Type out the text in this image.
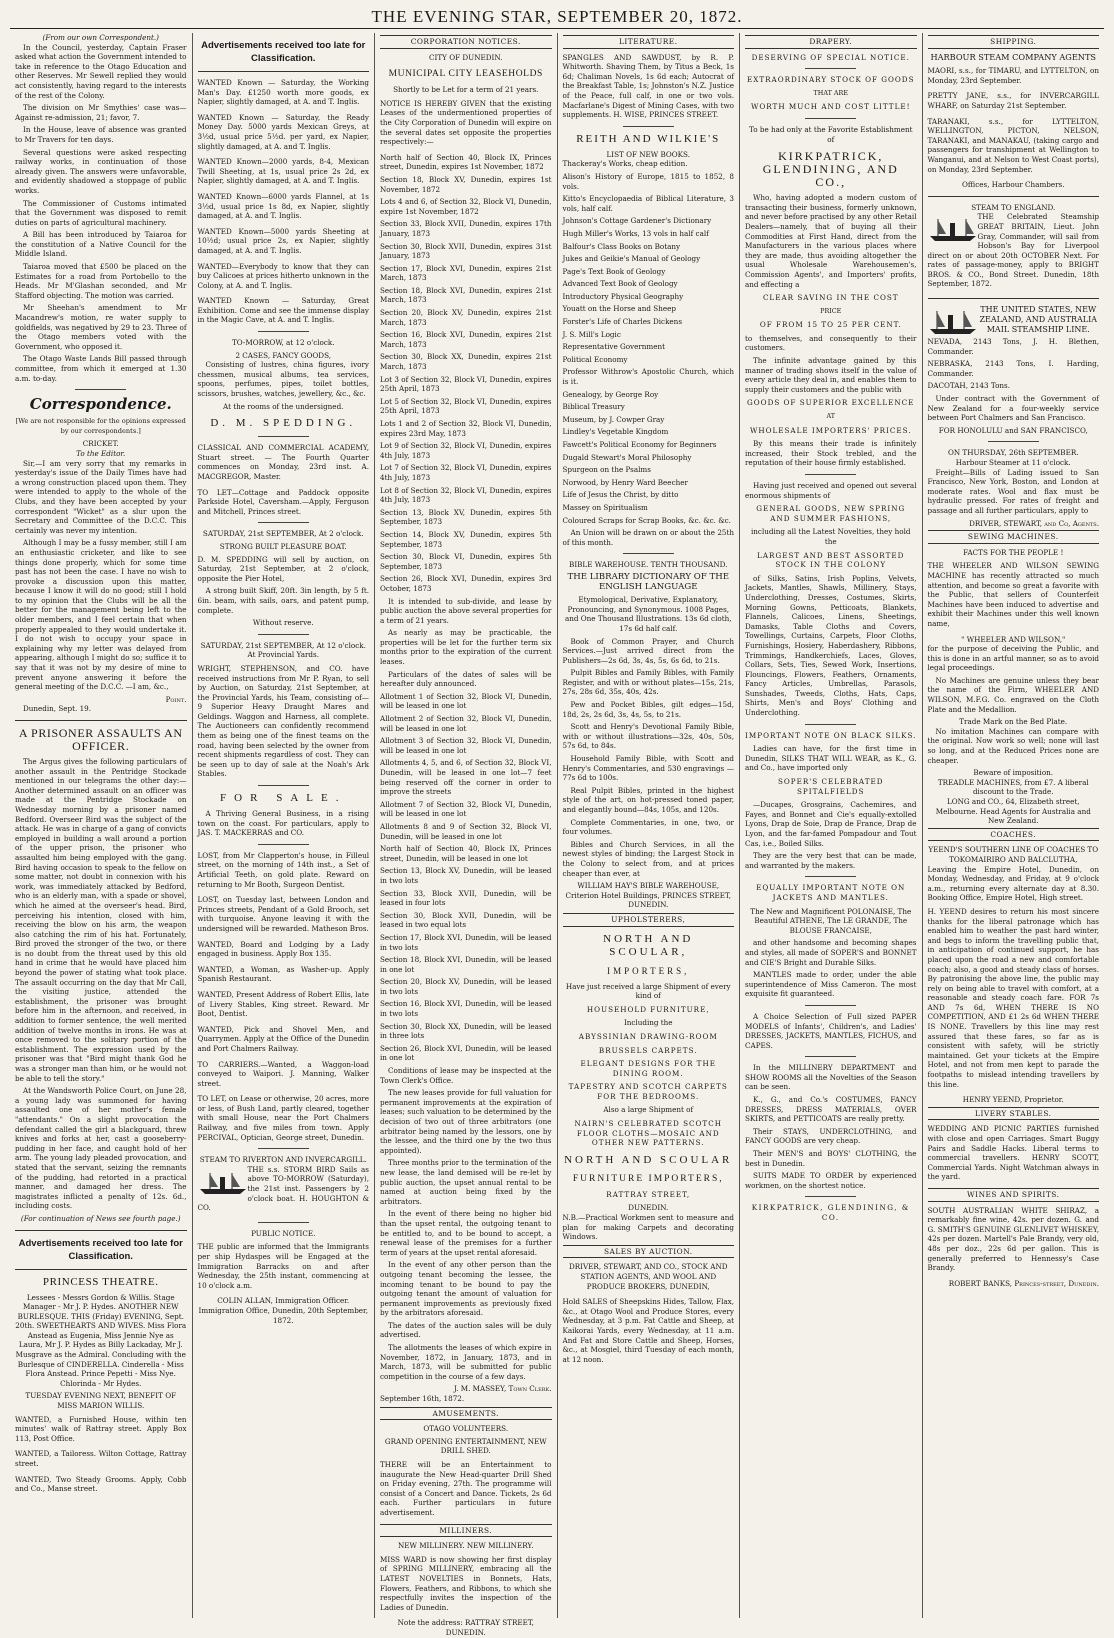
THE EVENING STAR, SEPTEMBER 20, 1872.
(From our own Correspondent.)

In the Council, yesterday, Captain Fraser asked what action the Government intended to take in reference to the Otago Education and other Reserves. Mr Sewell replied they would act consistently, having regard to the interests of the rest of the Colony.

The division on Mr Smythies' case was—Against re-admission, 21; favor, 7.

In the House, leave of absence was granted to Mr Travers for ten days.

Several questions were asked respecting railway works, in continuation of those already given. The answers were unfavorable, and evidently shadowed a stoppage of public works.

The Commissioner of Customs intimated that the Government was disposed to remit duties on parts of agricultural machinery.

A Bill has been introduced by Taiaroa for the constitution of a Native Council for the Middle Island.

Taiaroa moved that £500 be placed on the Estimates for a road from Portobello to the Heads. Mr M'Glashan seconded, and Mr Stafford objecting. The motion was carried.

Mr Sheehan's amendment to Mr Macandrew's motion, re water supply to goldfields, was negatived by 29 to 23. Three of the Otago members voted with the Government, who opposed it.

The Otago Waste Lands Bill passed through committee, from which it emerged at 1.30 a.m. to-day.

Correspondence.

[We are not responsible for the opinions expressed by our correspondents.]

CRICKET.
To the Editor.

Sir,—I am very sorry that my remarks in yesterday's issue of the Daily Times have had a wrong construction placed upon them. They were intended to apply to the whole of the Clubs, and they have been accepted by your correspondent "Wicket" as a slur upon the Secretary and Committee of the D.C.C. This certainly was never my intention.

Although I may be a fussy member, still I am an enthusiastic cricketer, and like to see things done properly, which for some time past has not been the case. I have no wish to provoke a discussion upon this matter, because I know it will do no good; still I hold to my opinion that the Clubs will be all the better for the management being left to the older members, and I feel certain that when properly appealed to they would undertake it. I do not wish to occupy your space in explaining why my letter was delayed from appearing, although I might do so; suffice it to say that it was not by my desire of mine to prevent anyone answering it before the general meeting of the D.C.C. —I am, &c.,

Point.

Dunedin, Sept. 19.

A PRISONER ASSAULTS AN OFFICER.

The Argus gives the following particulars of another assault in the Pentridge Stockade mentioned in our telegrams the other day:— Another determined assault on an officer was made at the Pentridge Stockade on Wednesday morning by a prisoner named Bedford. Overseer Bird was the subject of the attack. He was in charge of a gang of convicts employed in building a wall around a portion of the upper prison, the prisoner who assaulted him being employed with the gang. Bird having occasion to speak to the fellow on some matter, not doubt in connexion with his work, was immediately attacked by Bedford, who is an elderly man, with a spade or shovel, which he aimed at the overseer's head. Bird, perceiving his intention, closed with him, receiving the blow on his arm, the weapon also catching the rim of his hat. Fortunately, Bird proved the stronger of the two, or there is no doubt from the threat used by this old hand in crime that he would have placed him beyond the power of stating what took place. The assault occurring on the day that Mr Call, the visiting justice, attended the establishment, the prisoner was brought before him in the afternoon, and received, in addition to former sentence, the well merited addition of twelve months in irons. He was at once removed to the solitary portion of the establishment. The expression used by the prisoner was that "Bird might thank God he was a stronger man than him, or he would not be able to tell the story."

At the Wandsworth Police Court, on June 28, a young lady was summoned for having assaulted one of her mother's female "attendants." On a slight provocation the defendant called the girl a blackguard, threw knives and forks at her, cast a gooseberry-pudding in her face, and caught hold of her arm. The young lady pleaded provocation, and stated that the servant, seizing the remnants of the pudding, had retorted in a practical manner, and damaged her dress. The magistrates inflicted a penalty of 12s. 6d., including costs.

(For continuation of News see fourth page.)
Advertisements received too late for Classification.
PRINCESS THEATRE.

Lessees - Messrs Gordon & Willis. Stage Manager - Mr J. P. Hydes. ANOTHER NEW BURLESQUE. THIS (Friday) EVENING, Sept. 20th. SWEETHEARTS AND WIVES. Miss Flora Anstead as Eugenia, Miss Jennie Nye as Laura, Mr J. P. Hydes as Billy Lackaday, Mr J. Musgrave as the Admiral. Concluding with the Burlesque of CINDERELLA. Cinderella - Miss Flora Anstead. Prince Pepetti - Miss Nye. Chlorinda - Mr Hydes.

TUESDAY EVENING NEXT, BENEFIT OF MISS MARION WILLIS.

WANTED, a Furnished House, within ten minutes' walk of Rattray street. Apply Box 113, Post Office.

WANTED, a Tailoress. Wilton Cottage, Rattray street.

WANTED, Two Steady Grooms. Apply, Cobb and Co., Manse street.

Advertisements received too late for Classification.

WANTED Known — Saturday, the Working Man's Day. £1250 worth more goods, ex Napier, slightly damaged, at A. and T. Inglis.

WANTED Known — Saturday, the Ready Money Day. 5000 yards Mexican Greys, at 3½d, usual price 5½d. per yard, ex Napier, slightly damaged, at A. and T. Inglis.

WANTED Known—2000 yards, 8-4, Mexican Twill Sheeting, at 1s, usual price 2s 2d, ex Napier, slightly damaged, at A. and T. Inglis.

WANTED Known—6000 yards Flannel, at 1s 3½d, usual price 1s 8d, ex Napier, slightly damaged, at A. and T. Inglis.

WANTED Known—5000 yards Sheeting at 10½d; usual price 2s, ex Napier, slightly damaged, at A. and T. Inglis.

WANTED—Everybody to know that they can buy Calicoes at prices hitherto unknown in the Colony, at A. and T. Inglis.

WANTED Known — Saturday, Great Exhibition. Come and see the immense display in the Magic Cave, at A. and T. Inglis.

TO-MORROW, at 12 o'clock.
2 CASES, FANCY GOODS,

Consisting of lustres, china figures, ivory chessmen, musical albums, tea services, spoons, perfumes, pipes, toilet bottles, scissors, brushes, watches, jewellery, &c., &c.

At the rooms of the undersigned.
D. M. SPEDDING.

CLASSICAL AND COMMERCIAL ACADEMY, Stuart street. — The Fourth Quarter commences on Monday, 23rd inst. A. MACGREGOR, Master.

TO LET—Cottage and Paddock opposite Parkside Hotel, Caversham.—Apply, Ferguson and Mitchell, Princes street.

SATURDAY, 21st SEPTEMBER, At 2 o'clock.
STRONG BUILT PLEASURE BOAT.

D. M. SPEDDING will sell by auction, on Saturday, 21st September, at 2 o'clock, opposite the Pier Hotel,

A strong built Skiff, 20ft. 3in length, by 5 ft. 6in. beam, with sails, oars, and patent pump, complete.

Without reserve.
SATURDAY, 21st SEPTEMBER, At 12 o'clock. At Provincial Yards.

WRIGHT, STEPHENSON, and CO. have received instructions from Mr P. Ryan, to sell by Auction, on Saturday, 21st September, at the Provincial Yards, his Team, consisting of— 9 Superior Heavy Draught Mares and Geldings. Waggon and Harness, all complete. The Auctioneers can confidently recommend them as being one of the finest teams on the road, having been selected by the owner from recent shipments regardless of cost. They can be seen up to day of sale at the Noah's Ark Stables.

FOR SALE.

A Thriving General Business, in a rising town on the coast. For particulars, apply to JAS. T. MACKERRAS and CO.

LOST, from Mr Clapperton's house, in Filleul street, on the morning of 14th inst., a Set of Artificial Teeth, on gold plate. Reward on returning to Mr Booth, Surgeon Dentist.

LOST, on Tuesday last, between London and Princes streets, Pendant of a Gold Brooch, set with turquoise. Anyone leaving it with the undersigned will be rewarded. Matheson Bros.

WANTED, Board and Lodging by a Lady engaged in business. Apply Box 135.

WANTED, a Woman, as Washer-up. Apply Spanish Restaurant.

WANTED, Present Address of Robert Ellis, late of Livery Stables, King street. Reward. Mr Boot, Dentist.

WANTED, Pick and Shovel Men, and Quarrymen. Apply at the Office of the Dunedin and Port Chalmers Railway.

TO CARRIERS.—Wanted, a Waggon-load conveyed to Waipori. J. Manning, Walker street.

TO LET, on Lease or otherwise, 20 acres, more or less, of Bush Land, partly cleared, together with small House, near the Port Chalmers Railway, and five miles from town. Apply PERCIVAL, Optician, George street, Dunedin.

STEAM TO RIVERTON AND INVERCARGILL.

THE s.s. STORM BIRD Sails as above TO-MORROW (Saturday), the 21st inst. Passengers by 2 o'clock boat. H. HOUGHTON & CO.

PUBLIC NOTICE.

THE public are informed that the Immigrants per ship Hydaspes will be Engaged at the Immigration Barracks on and after Wednesday, the 25th instant, commencing at 10 o'clock a.m.

COLIN ALLAN, Immigration Officer. Immigration Office, Dunedin, 20th September, 1872.

CORPORATION NOTICES.
CITY OF DUNEDIN.
MUNICIPAL CITY LEASEHOLDS
Shortly to be Let for a term of 21 years.

NOTICE IS HEREBY GIVEN that the existing Leases of the undermentioned properties of the City Corporation of Dunedin will expire on the several dates set opposite the properties respectively:—

North half of Section 40, Block IX, Princes street, Dunedin, expires 1st November, 1872

Section 18, Block XV, Dunedin, expires 1st November, 1872

Lots 4 and 6, of Section 32, Block VI, Dunedin, expire 1st November, 1872

Section 33, Block XVII, Dunedin, expires 17th January, 1873

Section 30, Block XVII, Dunedin, expires 31st January, 1873

Section 17, Block XVI, Dunedin, expires 21st March, 1873

Section 18, Block XVI, Dunedin, expires 21st March, 1873

Section 20, Block XV, Dunedin, expires 21st March, 1873

Section 16, Block XVI, Dunedin, expires 21st March, 1873

Section 30, Block XX, Dunedin, expires 21st March, 1873

Lot 3 of Section 32, Block VI, Dunedin, expires 25th April, 1873

Lot 5 of Section 32, Block VI, Dunedin, expires 25th April, 1873

Lots 1 and 2 of Section 32, Block VI, Dunedin, expires 23rd May, 1873

Lot 9 of Section 32, Block VI, Dunedin, expires 4th July, 1873

Lot 7 of Section 32, Block VI, Dunedin, expires 4th July, 1873

Lot 8 of Section 32, Block VI, Dunedin, expires 4th July, 1873

Section 13, Block XV, Dunedin, expires 5th September, 1873

Section 14, Block XV, Dunedin, expires 5th September, 1873

Section 30, Block VI, Dunedin, expires 5th September, 1873

Section 26, Block XVI, Dunedin, expires 3rd October, 1873

It is intended to sub-divide, and lease by public auction the above several properties for a term of 21 years.

As nearly as may be practicable, the properties will be let for the further term six months prior to the expiration of the current leases.

Particulars of the dates of sales will be hereafter duly announced.

Allotment 1 of Section 32, Block VI, Dunedin, will be leased in one lot

Allotment 2 of Section 32, Block VI, Dunedin, will be leased in one lot

Allotment 3 of Section 32, Block VI, Dunedin, will be leased in one lot

Allotments 4, 5, and 6, of Section 32, Block VI, Dunedin, will be leased in one lot—7 feet being reserved off the corner in order to improve the streets

Allotment 7 of Section 32, Block VI, Dunedin, will be leased in one lot

Allotments 8 and 9 of Section 32, Block VI, Dunedin, will be leased in one lot

North half of Section 40, Block IX, Princes street, Dunedin, will be leased in one lot

Section 13, Block XV, Dunedin, will be leased in two lots

Section 33, Block XVII, Dunedin, will be leased in four lots

Section 30, Block XVII, Dunedin, will be leased in two equal lots

Section 17, Block XVI, Dunedin, will be leased in two lots

Section 18, Block XVI, Dunedin, will be leased in one lot

Section 20, Block XV, Dunedin, will be leased in two lots

Section 16, Block XVI, Dunedin, will be leased in two lots

Section 30, Block XX, Dunedin, will be leased in three lots

Section 26, Block XVI, Dunedin, will be leased in one lot

Conditions of lease may be inspected at the Town Clerk's Office.

The new leases provide for full valuation for permanent improvements at the expiration of leases; such valuation to be determined by the decision of two out of three arbitrators (one arbitrator being named by the lessors, one by the lessee, and the third one by the two thus appointed).

Three months prior to the termination of the new lease, the land demised will be re-let by public auction, the upset annual rental to be named at auction being fixed by the arbitrators.

In the event of there being no higher bid than the upset rental, the outgoing tenant to be entitled to, and to be bound to accept, a renewal lease of the premises for a further term of years at the upset rental aforesaid.

In the event of any other person than the outgoing tenant becoming the lessee, the incoming tenant to be bound to pay the outgoing tenant the amount of valuation for permanent improvements as previously fixed by the arbitrators aforesaid.

The dates of the auction sales will be duly advertised.

The allotments the leases of which expire in November, 1872, in January, 1873, and in March, 1873, will be submitted for public competition in the course of a few days.

J. M. MASSEY, Town Clerk.

September 16th, 1872.

AMUSEMENTS.
OTAGO VOLUNTEERS.
GRAND OPENING ENTERTAINMENT, NEW DRILL SHED.

THERE will be an Entertainment to inaugurate the New Head-quarter Drill Shed on Friday evening, 27th. The programme will consist of a Concert and Dance. Tickets, 2s 6d each. Further particulars in future advertisement.

MILLINERS.
NEW MILLINERY. NEW MILLINERY.

MISS WARD is now showing her first display of SPRING MILLINERY, embracing all the LATEST NOVELTIES in Bonnets, Hats, Flowers, Feathers, and Ribbons, to which she respectfully invites the inspection of the Ladies of Dunedin.

Note the address: RATTRAY STREET, DUNEDIN.
LITERATURE.

SPANGLES AND SAWDUST, by R. P. Whitworth. Shaving Them, by Titus a Beck, 1s 6d; Chaliman Novels, 1s 6d each; Autocrat of the Breakfast Table, 1s; Johnston's N.Z. Justice of the Peace, full calf, in one or two vols. Macfarlane's Digest of Mining Cases, with two supplements. H. WISE, PRINCES STREET.

REITH AND WILKIE'S
LIST OF NEW BOOKS.

Thackeray's Works, cheap edition.

Alison's History of Europe, 1815 to 1852, 8 vols.

Kitto's Encyclopaedia of Biblical Literature, 3 vols, half calf.

Johnson's Cottage Gardener's Dictionary

Hugh Miller's Works, 13 vols in half calf

Balfour's Class Books on Botany

Jukes and Geikie's Manual of Geology

Page's Text Book of Geology

Advanced Text Book of Geology

Introductory Physical Geography

Youatt on the Horse and Sheep

Forster's Life of Charles Dickens

J. S. Mill's Logic

Representative Government

Political Economy

Professor Withrow's Apostolic Church, which is it.

Genealogy, by George Roy

Biblical Treasury

Museum, by J. Cowper Gray

Lindley's Vegetable Kingdom

Fawcett's Political Economy for Beginners

Dugald Stewart's Moral Philosophy

Spurgeon on the Psalms

Norwood, by Henry Ward Beecher

Life of Jesus the Christ, by ditto

Massey on Spiritualism

Coloured Scraps for Scrap Books, &c. &c. &c.

An Union will be drawn on or about the 25th of this month.

BIBLE WAREHOUSE. TENTH THOUSAND.
THE LIBRARY DICTIONARY OF THE ENGLISH LANGUAGE

Etymological, Derivative, Explanatory, Pronouncing, and Synonymous. 1008 Pages, and One Thousand Illustrations. 13s 6d cloth, 17s 6d half calf.

Book of Common Prayer, and Church Services.—Just arrived direct from the Publishers—2s 6d, 3s, 4s, 5s, 6s 6d, to 21s.

Pulpit Bibles and Family Bibles, with Family Register, and with or without plates—15s, 21s, 27s, 28s 6d, 35s, 40s, 42s.

Pew and Pocket Bibles, gilt edges—15d, 18d, 2s, 2s 6d, 3s, 4s, 5s, to 21s.

Scott and Henry's Devotional Family Bible, with or without illustrations—32s, 40s, 50s, 57s 6d, to 84s.

Household Family Bible, with Scott and Henry's Commentaries, and 530 engravings —77s 6d to 100s.

Real Pulpit Bibles, printed in the highest style of the art, on hot-pressed toned paper, and elegantly bound—84s, 105s, and 120s.

Complete Commentaries, in one, two, or four volumes.

Bibles and Church Services, in all the newest styles of binding; the Largest Stock in the Colony to select from, and at prices cheaper than ever, at

WILLIAM HAY'S BIBLE WAREHOUSE, Criterion Hotel Buildings, PRINCES STREET, DUNEDIN.

UPHOLSTERERS,
NORTH AND SCOULAR,
IMPORTERS,

Have just received a large Shipment of every kind of

HOUSEHOLD FURNITURE,
Including the
ABYSSINIAN DRAWING-ROOM
BRUSSELS CARPETS.
ELEGANT DESIGNS FOR THE DINING ROOM.
TAPESTRY AND SCOTCH CARPETS FOR THE BEDROOMS.
Also a large Shipment of
NAIRN'S CELEBRATED SCOTCH FLOOR CLOTHS—MOSAIC AND OTHER NEW PATTERNS.
NORTH AND SCOULAR
FURNITURE IMPORTERS,
RATTRAY STREET,
DUNEDIN.

N.B.—Practical Workmen sent to measure and plan for making Carpets and decorating Windows.

SALES BY AUCTION.

DRIVER, STEWART, AND CO., STOCK AND STATION AGENTS, AND WOOL AND PRODUCE BROKERS, DUNEDIN,

Hold SALES of Sheepskins Hides, Tallow, Flax, &c., at Otago Wool and Produce Stores, every Wednesday, at 3 p.m. Fat Cattle and Sheep, at Kaikorai Yards, every Wednesday, at 11 a.m. And Fat and Store Cattle and Sheep, Horses, &c., at Mosgiel, third Tuesday of each month, at 12 noon.

DRAPERY.
DESERVING OF SPECIAL NOTICE.
EXTRAORDINARY STOCK OF GOODS
THAT ARE
WORTH MUCH AND COST LITTLE!

To be had only at the Favorite Establishment of

KIRKPATRICK, GLENDINING, AND CO.,

Who, having adopted a modern custom of transacting their business, formerly unknown, and never before practised by any other Retail Dealers—namely, that of buying all their Commodities at First Hand, direct from the Manufacturers in the various places where they are made, thus avoiding altogether the usual Wholesale Warehousemen's, Commission Agents', and Importers' profits, and effecting a

CLEAR SAVING IN THE COST
PRICE
OF FROM 15 TO 25 PER CENT.

to themselves, and consequently to their customers.

The infinite advantage gained by this manner of trading shows itself in the value of every article they deal in, and enables them to supply their customers and the public with

GOODS OF SUPERIOR EXCELLENCE
AT
WHOLESALE IMPORTERS' PRICES.

By this means their trade is infinitely increased, their Stock trebled, and the reputation of their house firmly established.

Having just received and opened out several enormous shipments of

GENERAL GOODS, NEW SPRING AND SUMMER FASHIONS,

including all the Latest Novelties, they hold the

LARGEST AND BEST ASSORTED STOCK IN THE COLONY

of Silks, Satins, Irish Poplins, Velvets, Jackets, Mantles, Shawls, Millinery, Stays, Underclothing, Dresses, Costumes, Skirts, Morning Gowns, Petticoats, Blankets, Flannels, Calicoes, Linens, Sheetings, Damasks, Table Cloths and Covers, Towellings, Curtains, Carpets, Floor Cloths, Furnishings, Hosiery, Haberdashery, Ribbons, Trimmings, Handkerchiefs, Laces, Gloves, Collars, Sets, Ties, Sewed Work, Insertions, Flouncings, Flowers, Feathers, Ornaments, Fancy Articles, Umbrellas, Parasols, Sunshades, Tweeds, Cloths, Hats, Caps, Shirts, Men's and Boys' Clothing and Underclothing.

IMPORTANT NOTE ON BLACK SILKS.

Ladies can have, for the first time in Dunedin, SILKS THAT WILL WEAR, as K., G. and Co., have imported only

SOPER'S CELEBRATED SPITALFIELDS

—Ducapes, Grosgrains, Cachemires, and Fayes, and Bonnet and Cie's equally-extolled Lyons, Drap de Soie, Drap de France, Drap de Lyon, and the far-famed Pompadour and Tout Cas, i.e., Boiled Silks.

They are the very best that can be made, and warranted by the makers.

EQUALLY IMPORTANT NOTE ON JACKETS AND MANTLES.

The New and Magnificent POLONAISE, The Beautiful ATHENE, The LE GRANDE, The BLOUSE FRANCAISE,

and other handsome and becoming shapes and styles, all made of SOPER'S and BONNET and CIE'S Bright and Durable Silks.

MANTLES made to order, under the able superintendence of Miss Cameron. The most exquisite fit guaranteed.

A Choice Selection of Full sized PAPER MODELS of Infants', Children's, and Ladies' DRESSES, JACKETS, MANTLES, FICHUS, and CAPES.

In the MILLINERY DEPARTMENT and SHOW ROOMS all the Novelties of the Season can be seen.

K., G., and Co.'s COSTUMES, FANCY DRESSES, DRESS MATERIALS, OVER SKIRTS, and PETTICOATS are really pretty.

Their STAYS, UNDERCLOTHING, and FANCY GOODS are very cheap.

Their MEN'S and BOYS' CLOTHING, the best in Dunedin.

SUITS MADE TO ORDER by experienced workmen, on the shortest notice.

KIRKPATRICK, GLENDINING, & CO.
SHIPPING.
HARBOUR STEAM COMPANY AGENTS

MAORI, s.s., for TIMARU, and LYTTELTON, on Monday, 23rd September.

PRETTY JANE, s.s., for INVERCARGILL WHARF, on Saturday 21st September.

TARANAKI, s.s., for LYTTELTON, WELLINGTON, PICTON, NELSON, TARANAKI, and MANAKAU, (taking cargo and passengers for transhipment at Wellington to Wanganui, and at Nelson to West Coast ports), on Monday, 23rd September.

Offices, Harbour Chambers.
STEAM TO ENGLAND.

THE Celebrated Steamship GREAT BRITAIN, Lieut. John Gray, Commander, will sail from Hobson's Bay for Liverpool direct on or about 20th OCTOBER Next. For rates of passage-money, apply to BRIGHT BROS. & CO., Bond Street. Dunedin, 18th September, 1872.

THE UNITED STATES, NEW ZEALAND, AND AUSTRALIA MAIL STEAMSHIP LINE.

NEVADA, 2143 Tons, J. H. Blethen, Commander.

NEBRASKA, 2143 Tons, I. Harding, Commander.

DACOTAH, 2143 Tons.

Under contract with the Government of New Zealand for a four-weekly service between Port Chalmers and San Francisco.

FOR HONOLULU and SAN FRANCISCO,
ON THURSDAY, 26th SEPTEMBER.
Harbour Steamer at 11 o'clock.

Freight—Bills of Lading issued to San Francisco, New York, Boston, and London at moderate rates. Wool and flax must be hydraulic pressed. For rates of freight and passage and all further particulars, apply to

DRIVER, STEWART, and Co, Agents.
SEWING MACHINES.
FACTS FOR THE PEOPLE !

THE WHEELER AND WILSON SEWING MACHINE has recently attracted so much attention, and become so great a favorite with the Public, that sellers of Counterfeit Machines have been induced to advertise and exhibit their Machines under this well known name,

" WHEELER AND WILSON,"

for the purpose of deceiving the Public, and this is done in an artful manner, so as to avoid legal proceedings.

No Machines are genuine unless they bear the name of the Firm, WHEELER AND WILSON, M.F.G. Co. engraved on the Cloth Plate and the Medallion.

Trade Mark on the Bed Plate.

No imitation Machines can compare with the original. Now work so well; none will last so long, and at the Reduced Prices none are cheaper.

Beware of imposition.
TREADLE MACHINES, from £7. A liberal discount to the Trade.
LONG and CO., 64, Elizabeth street, Melbourne. Head Agents for Australia and New Zealand.
COACHES.
YEEND'S SOUTHERN LINE OF COACHES TO TOKOMAIRIRO AND BALCLUTHA,

Leaving the Empire Hotel, Dunedin, on Monday, Wednesday, and Friday, at 9 o'clock a.m., returning every alternate day at 8.30. Booking Office, Empire Hotel, High street.

H. YEEND desires to return his most sincere thanks for the liberal patronage which has enabled him to weather the past hard winter, and begs to inform the travelling public that, in anticipation of continued support, he has placed upon the road a new and comfortable coach; also, a good and steady class of horses. By patronising the above line, the public may rely on being able to travel with comfort, at a reasonable and steady coach fare. FOR 7s AND 7s 6d, WHEN THERE IS NO COMPETITION, AND £1 2s 6d WHEN THERE IS NONE. Travellers by this line may rest assured that these fares, so far as is consistent with safety, will be strictly maintained. Get your tickets at the Empire Hotel, and not from men kept to parade the footpaths to mislead intending travellers by this line.

HENRY YEEND, Proprietor.
LIVERY STABLES.

WEDDING AND PICNIC PARTIES furnished with close and open Carriages. Smart Buggy Pairs and Saddle Hacks. Liberal terms to commercial travellers. HENRY SCOTT, Commercial Yards. Night Watchman always in the yard.

WINES AND SPIRITS.

SOUTH AUSTRALIAN WHITE SHIRAZ, a remarkably fine wine, 42s. per dozen. G. and G. SMITH'S GENUINE GLENLIVET WHISKEY, 42s per dozen. Martell's Pale Brandy, very old, 48s per doz., 22s 6d per gallon. This is generally preferred to Hennessy's Case Brandy.

ROBERT BANKS, Princes-street, Dunedin.
